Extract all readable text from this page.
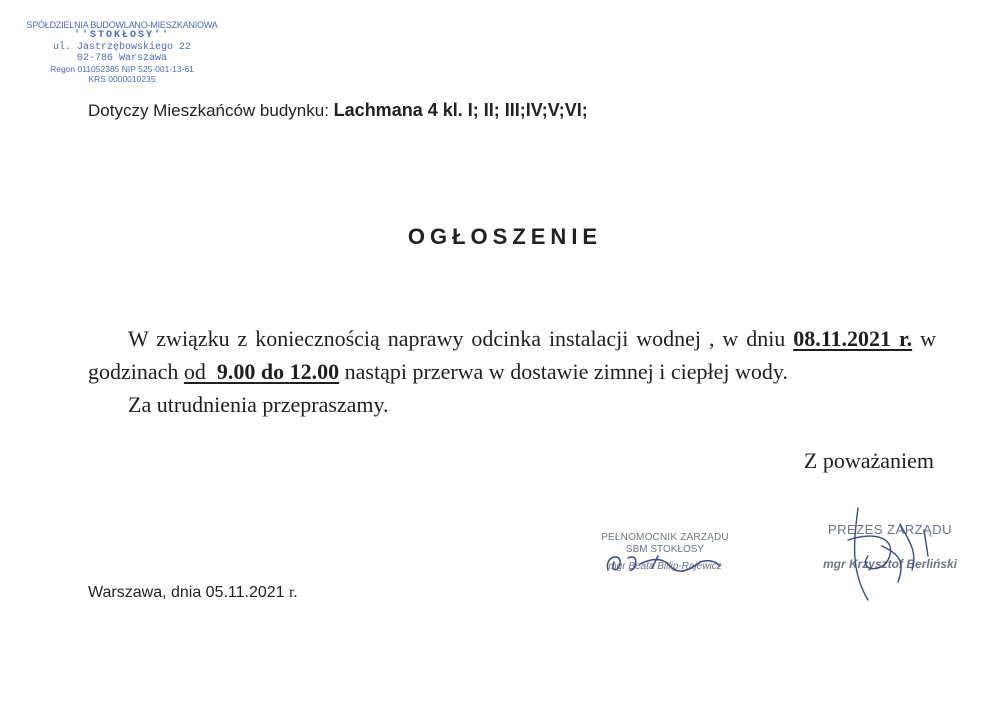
SPÓŁDZIELNIA BUDOWLANO-MIESZKANIOWA
''STOKŁOSY''
ul. Jastrzębowskiego 22
02-786 Warszawa
Regon 011052385 NIP 525-001-13-61
KRS 0000010235
Dotyczy Mieszkańców budynku: Lachmana 4 kl. I; II; III;IV;V;VI;
OGŁOSZENIE

W związku z koniecznością naprawy odcinka instalacji wodnej , w dniu 08.11.2021 r. w godzinach od 9.00 do 12.00 nastąpi przerwa w dostawie zimnej i ciepłej wody.

Za utrudnienia przepraszamy.

Z poważaniem
PEŁNOMOCNIK ZARZĄDU
SBM STOKŁOSY
mgr Beata Billip-Rajewicz
PREZES ZARZĄDU
mgr Krzysztof Berliński
Warszawa, dnia 05.11.2021 r.
